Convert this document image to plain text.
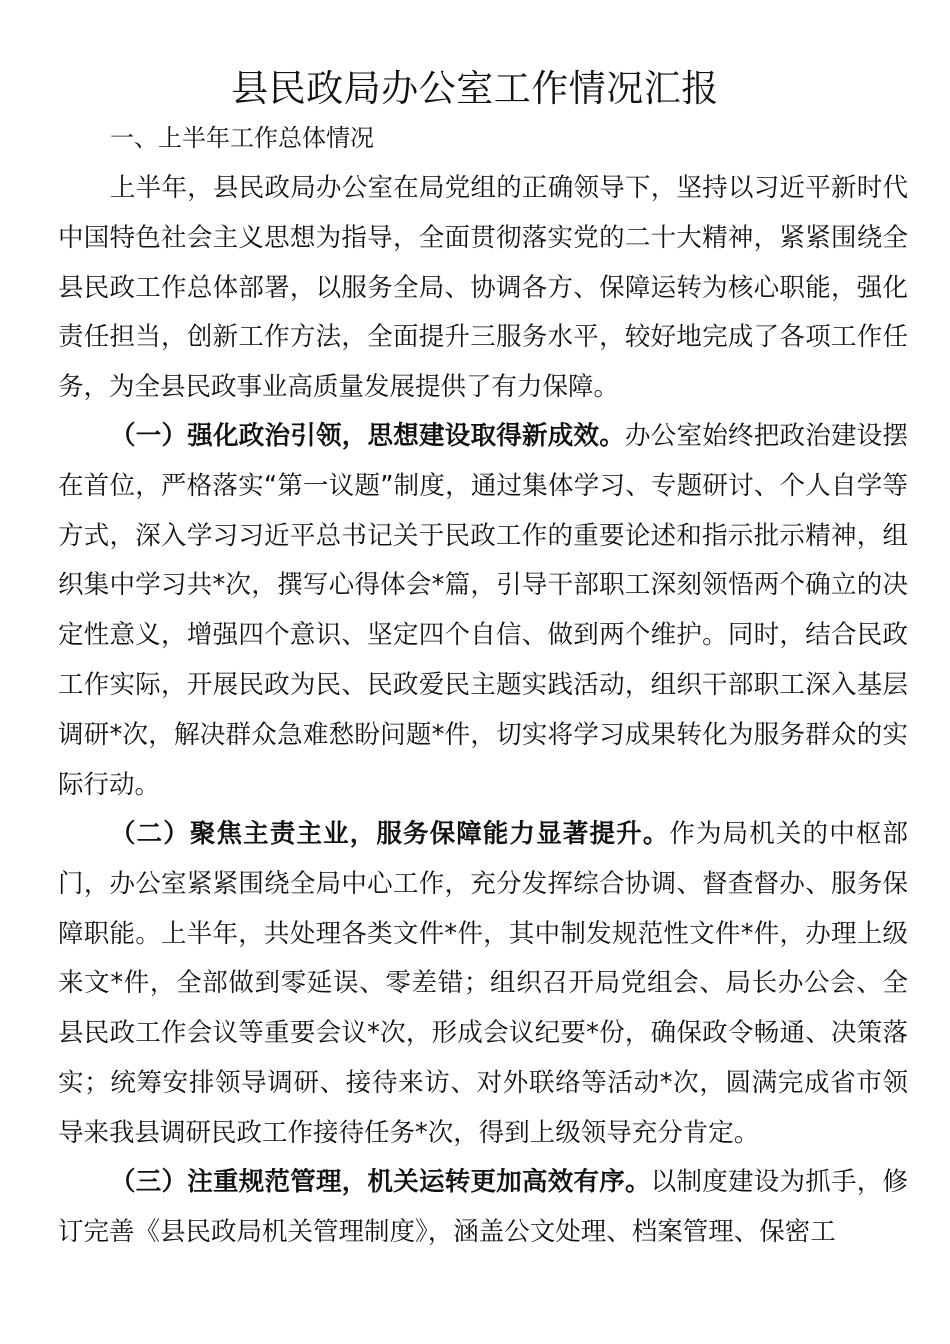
县民政局办公室工作情况汇报
一、上半年工作总体情况

上半年，县民政局办公室在局党组的正确领导下，坚持以习近平新时代中国特色社会主义思想为指导，全面贯彻落实党的二十大精神，紧紧围绕全县民政工作总体部署，以服务全局、协调各方、保障运转为核心职能，强化责任担当，创新工作方法，全面提升三服务水平，较好地完成了各项工作任务，为全县民政事业高质量发展提供了有力保障。

（一）强化政治引领，思想建设取得新成效。办公室始终把政治建设摆在首位，严格落实“第一议题”制度，通过集体学习、专题研讨、个人自学等方式，深入学习习近平总书记关于民政工作的重要论述和指示批示精神，组织集中学习共*次，撰写心得体会*篇，引导干部职工深刻领悟两个确立的决定性意义，增强四个意识、坚定四个自信、做到两个维护。同时，结合民政工作实际，开展民政为民、民政爱民主题实践活动，组织干部职工深入基层调研*次，解决群众急难愁盼问题*件，切实将学习成果转化为服务群众的实际行动。

（二）聚焦主责主业，服务保障能力显著提升。作为局机关的中枢部门，办公室紧紧围绕全局中心工作，充分发挥综合协调、督查督办、服务保障职能。上半年，共处理各类文件*件，其中制发规范性文件*件，办理上级来文*件，全部做到零延误、零差错；组织召开局党组会、局长办公会、全县民政工作会议等重要会议*次，形成会议纪要*份，确保政令畅通、决策落实；统筹安排领导调研、接待来访、对外联络等活动*次，圆满完成省市领导来我县调研民政工作接待任务*次，得到上级领导充分肯定。

（三）注重规范管理，机关运转更加高效有序。以制度建设为抓手，修订完善《县民政局机关管理制度》，涵盖公文处理、档案管理、保密工
